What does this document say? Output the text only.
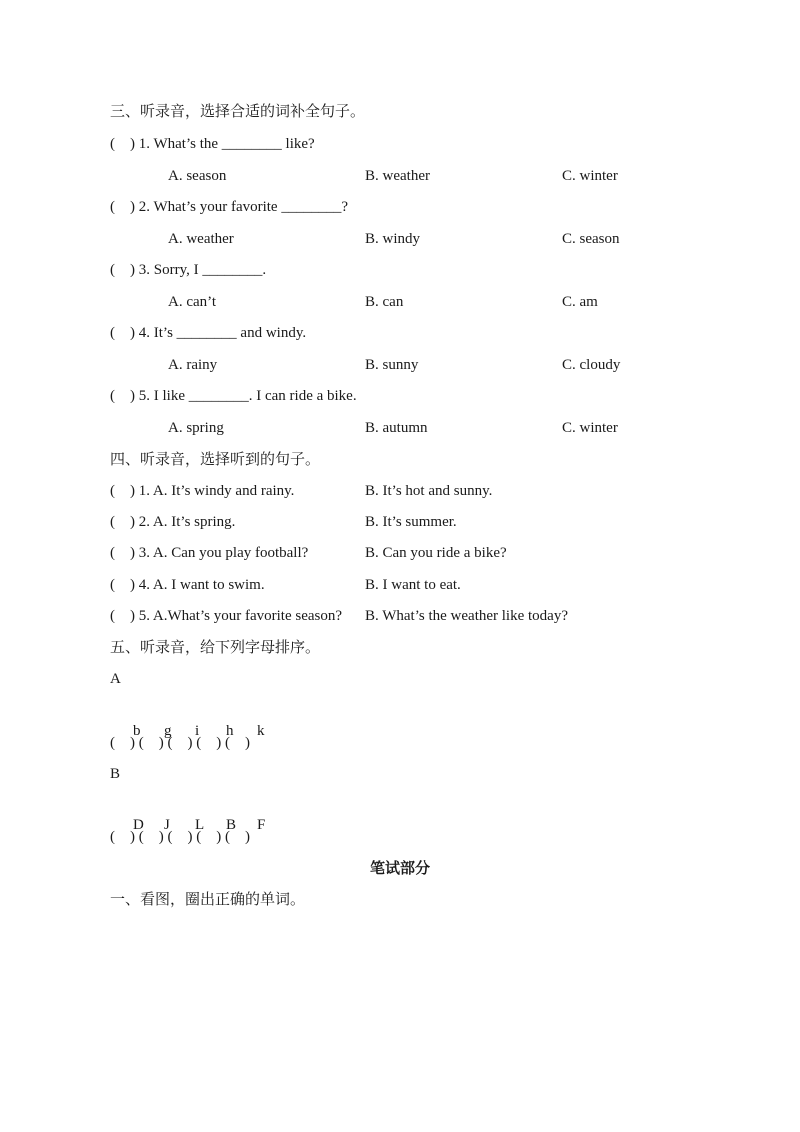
三、听录音，选择合适的词补全句子。
(    ) 1. What’s the ________ like?
A. season	B. weather	C. winter
(    ) 2. What’s your favorite ________?
A. weather	B. windy	C. season
(    ) 3. Sorry, I ________.
A. can’t	B. can	C. am
(    ) 4. It’s ________ and windy.
A. rainy	B. sunny	C. cloudy
(    ) 5. I like ________. I can ride a bike.
A. spring	B. autumn	C. winter
四、听录音，选择听到的句子。
(    ) 1. A. It’s windy and rainy.	B. It’s hot and sunny.
(    ) 2. A. It’s spring.	B. It’s summer.
(    ) 3. A. Can you play football?	B. Can you ride a bike?
(    ) 4. A. I want to swim.	B. I want to eat.
(    ) 5. A.What’s your favorite season? B. What’s the weather like today?
五、听录音，给下列字母排序。
A

b g i h k

(    ) (    ) (    ) (    ) (    )
B

D J L B F

(    ) (    ) (    ) (    ) (    )
笔试部分
一、看图，圈出正确的单词。
